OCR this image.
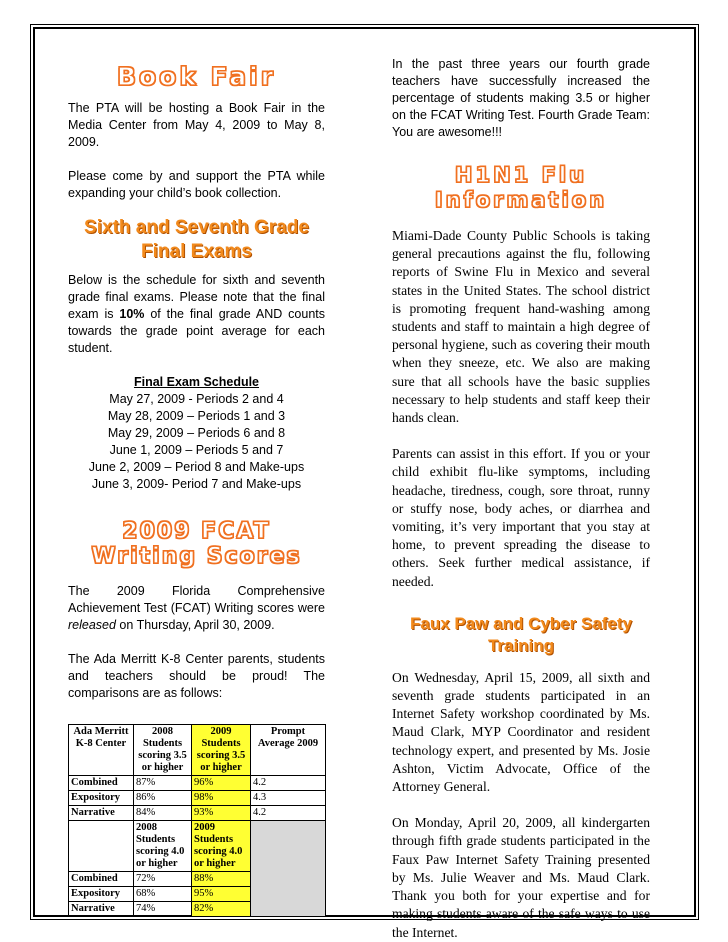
Book Fair

The PTA will be hosting a Book Fair in the Media Center from May 4, 2009 to May 8, 2009.

Please come by and support the PTA while expanding your child’s book collection.

Sixth and Seventh Grade
Final Exams

Below is the schedule for sixth and seventh grade final exams. Please note that the final exam is 10% of the final grade AND counts towards the grade point average for each student.

Final Exam Schedule

May 27, 2009 - Periods 2 and 4

May 28, 2009 – Periods 1 and 3

May 29, 2009 – Periods 6 and 8

June 1, 2009 – Periods 5 and 7

June 2, 2009 – Period 8 and Make-ups

June 3, 2009- Period 7 and Make-ups

2009 FCAT
Writing Scores

The 2009 Florida Comprehensive Achievement Test (FCAT) Writing scores were released on Thursday, April 30, 2009.

The Ada Merritt K-8 Center parents, students and teachers should be proud! The comparisons are as follows:

Ada Merritt K-8 Center	2008 Students scoring 3.5 or higher	2009 Students scoring 3.5 or higher	Prompt Average 2009
Combined	87%	96%	4.2
Expository	86%	98%	4.3
Narrative	84%	93%	4.2
	2008 Students scoring 4.0 or higher	2009 Students scoring 4.0 or higher	
Combined	72%	88%	
Expository	68%	95%	
Narrative	74%	82%	

In the past three years our fourth grade teachers have successfully increased the percentage of students making 3.5 or higher on the FCAT Writing Test. Fourth Grade Team: You are awesome!!!

H1N1 Flu
Information

Miami-Dade County Public Schools is taking general precautions against the flu, following reports of Swine Flu in Mexico and several states in the United States. The school district is promoting frequent hand-washing among students and staff to maintain a high degree of personal hygiene, such as covering their mouth when they sneeze, etc. We also are making sure that all schools have the basic supplies necessary to help students and staff keep their hands clean.

Parents can assist in this effort. If you or your child exhibit flu-like symptoms, including headache, tiredness, cough, sore throat, runny or stuffy nose, body aches, or diarrhea and vomiting, it’s very important that you stay at home, to prevent spreading the disease to others. Seek further medical assistance, if needed.

Faux Paw and Cyber Safety
Training

On Wednesday, April 15, 2009, all sixth and seventh grade students participated in an Internet Safety workshop coordinated by Ms. Maud Clark, MYP Coordinator and resident technology expert, and presented by Ms. Josie Ashton, Victim Advocate, Office of the Attorney General.

On Monday, April 20, 2009, all kindergarten through fifth grade students participated in the Faux Paw Internet Safety Training presented by Ms. Julie Weaver and Ms. Maud Clark. Thank you both for your expertise and for making students aware of the safe ways to use the Internet.
